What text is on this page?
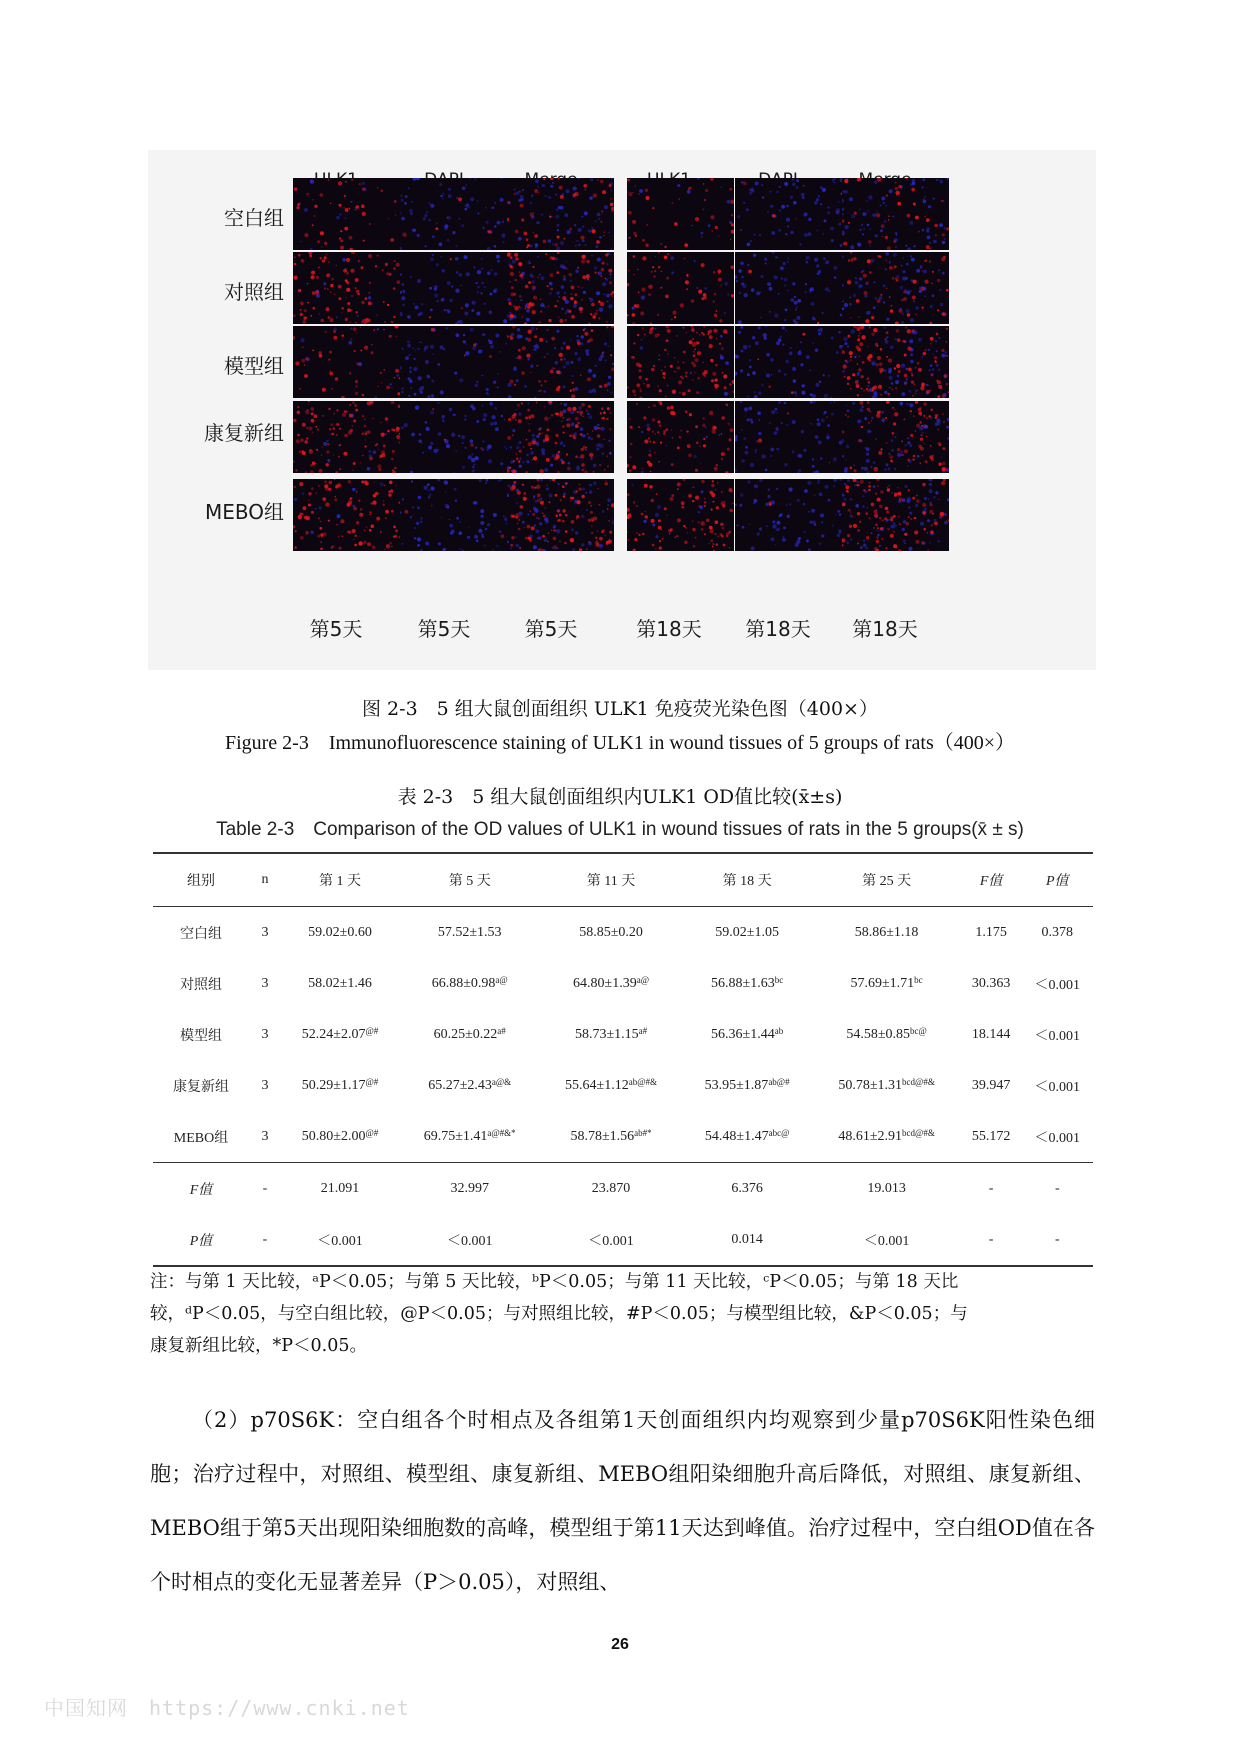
空白组
对照组
模型组
康复新组
MEBO组
第5天	第5天	第5天	第18天	第18天	第18天
图 2-3　5 组大鼠创面组织 ULK1 免疫荧光染色图（400×）
Figure 2-3　Immunofluorescence staining of ULK1 in wound tissues of 5 groups of rats（400×）
表 2-3　5 组大鼠创面组织内ULK1 OD值比较(x̄±s)
Table 2-3　Comparison of the OD values of ULK1 in wound tissues of rats in the 5 groups(x̄ ± s)
组别	n	第 1 天	第 5 天	第 11 天	第 18 天	第 25 天	F值	P值
空白组	3	59.02±0.60	57.52±1.53	58.85±0.20	59.02±1.05	58.86±1.18	1.175	0.378
对照组	3	58.02±1.46	$66.88\pm 0.98^{a@}$	$64.80\pm 1.39^{a@}$	56.88±1.63$^{bc}$	57.69±1.71$^{bc}$	30.363	＜0.001
模型组	3	52.24±2.07@#	$60.25\pm 0.22^{a\#}$	$58.73\pm 1.15^{a\#}$	56.36±1.44$^{ab}$	$54.58\pm 0.85^{bc@}$	18.144	＜0.001
康复新组	3	50.29±1.17@#	$65.27\pm 2.43^{a@\&}$	$55.64\pm 1.12^{ab@\#\&}$	$53.95\pm 1.87^{ab@\#}$	$50.78\pm 1.31^{bcd@\#\&}$	39.947	＜0.001
MEBO组	3	50.80±2.00@#	$69.75\pm 1.41^{a@\#\&*}$	$58.78\pm 1.56^{ab\#*}$	$54.48\pm 1.47^{abc@}$	$48.61\pm 2.91^{bcd@\#\&}$	55.172	＜0.001
F值	-	21.091	32.997	23.870	6.376	19.013	-	-
P值	-	＜0.001	＜0.001	＜0.001	0.014	＜0.001	-	-
注：与第 1 天比较，ᵃP＜0.05；与第 5 天比较，ᵇP＜0.05；与第 11 天比较，ᶜP＜0.05；与第 18 天比
较，ᵈP＜0.05，与空白组比较，@P＜0.05；与对照组比较，#P＜0.05；与模型组比较，&P＜0.05；与
康复新组比较，*P＜0.05。

（2）p70S6K：空白组各个时相点及各组第1天创面组织内均观察到少量p70S6K阳性染色细胞；治疗过程中，对照组、模型组、康复新组、MEBO组阳染细胞升高后降低，对照组、康复新组、MEBO组于第5天出现阳染细胞数的高峰，模型组于第11天达到峰值。治疗过程中，空白组OD值在各个时相点的变化无显著差异（P＞0.05），对照组、

26
中国知网　https://www.cnki.net
